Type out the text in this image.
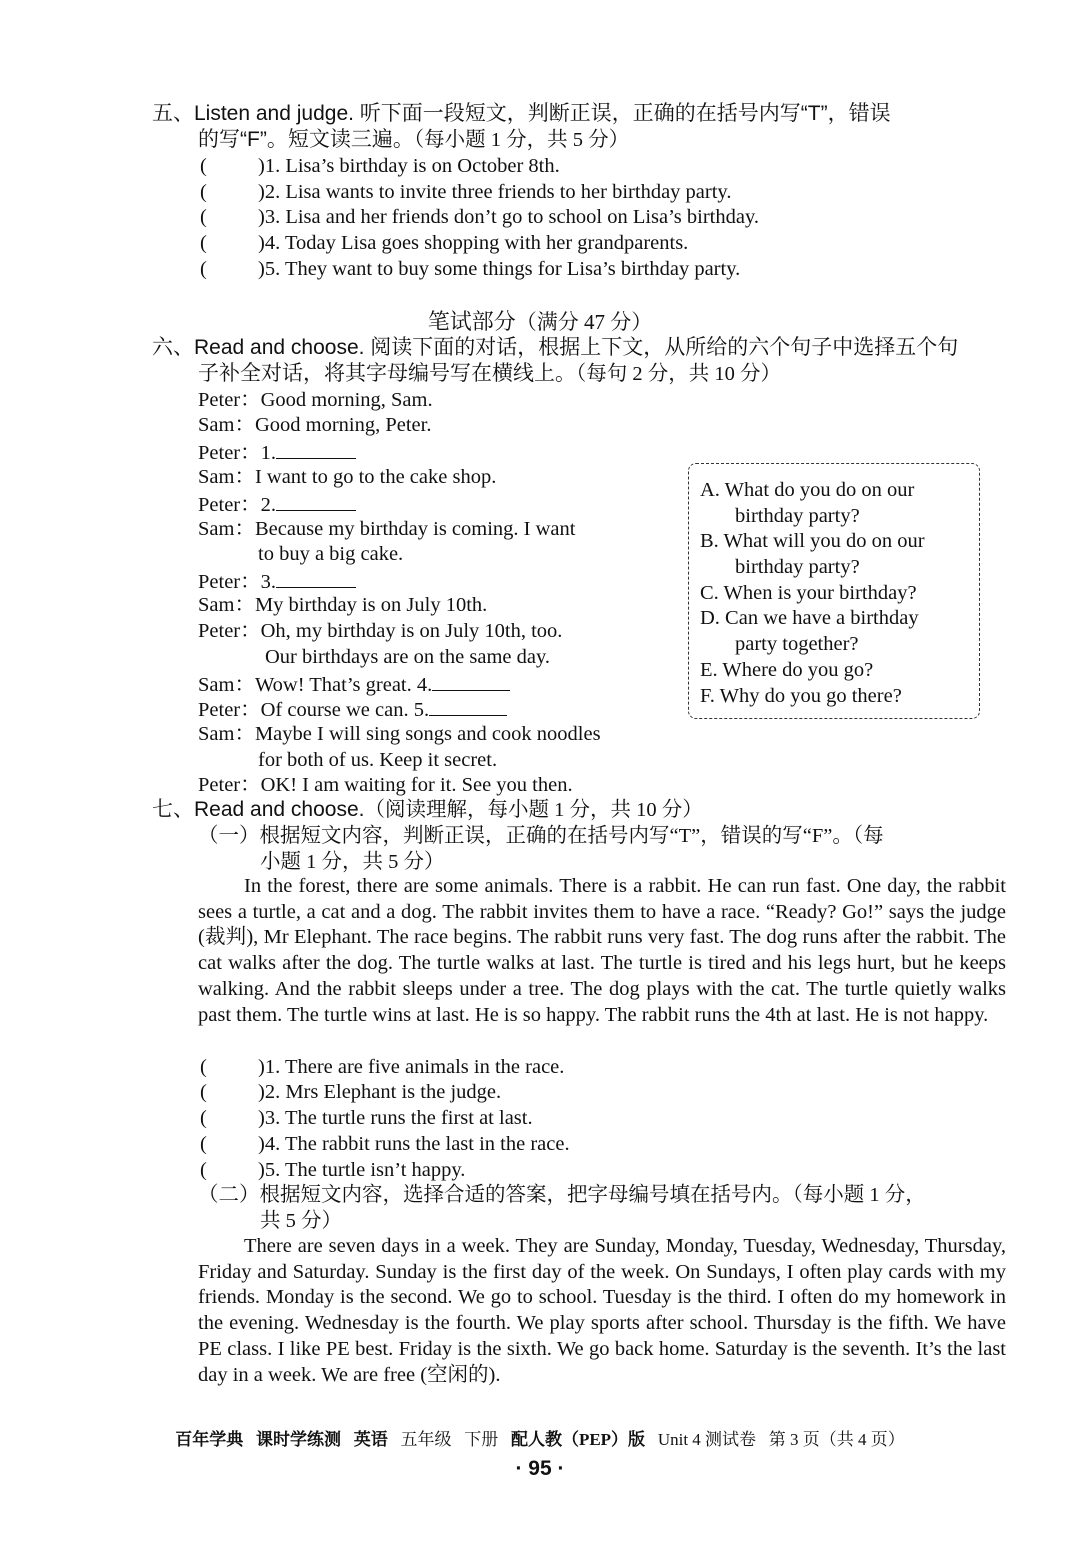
五、Listen and judge. 听下面一段短文，判断正误，正确的在括号内写“T”，错误
的写“F”。短文读三遍。（每小题 1 分，共 5 分）
( )1. Lisa’s birthday is on October 8th.
( )2. Lisa wants to invite three friends to her birthday party.
( )3. Lisa and her friends don’t go to school on Lisa’s birthday.
( )4. Today Lisa goes shopping with her grandparents.
( )5. They want to buy some things for Lisa’s birthday party.
笔试部分（满分 47 分）
六、Read and choose. 阅读下面的对话，根据上下文，从所给的六个句子中选择五个句
子补全对话，将其字母编号写在横线上。（每句 2 分，共 10 分）
Peter：Good morning, Sam.
Sam：Good morning, Peter.
Peter：1.
Sam：I want to go to the cake shop.
Peter：2.
Sam：Because my birthday is coming. I want
to buy a big cake.
Peter：3.
Sam：My birthday is on July 10th.
Peter：Oh, my birthday is on July 10th, too.
Our birthdays are on the same day.
Sam：Wow! That’s great. 4.
Peter：Of course we can. 5.
Sam：Maybe I will sing songs and cook noodles
for both of us. Keep it secret.
Peter：OK! I am waiting for it. See you then.
A. What do you do on our
birthday party?
B. What will you do on our
birthday party?
C. When is your birthday?
D. Can we have a birthday
party together?
E. Where do you go?
F. Why do you go there?
七、Read and choose.（阅读理解，每小题 1 分，共 10 分）
（一）根据短文内容，判断正误，正确的在括号内写“T”，错误的写“F”。（每
小题 1 分，共 5 分）
In the forest, there are some animals. There is a rabbit. He can run fast. One day, the rabbit sees a turtle, a cat and a dog. The rabbit invites them to have a race. “Ready? Go!” says the judge (裁判), Mr Elephant. The race begins. The rabbit runs very fast. The dog runs after the rabbit. The cat walks after the dog. The turtle walks at last. The turtle is tired and his legs hurt, but he keeps walking. And the rabbit sleeps under a tree. The dog plays with the cat. The turtle quietly walks past them. The turtle wins at last. He is so happy. The rabbit runs the 4th at last. He is not happy.
( )1. There are five animals in the race.
( )2. Mrs Elephant is the judge.
( )3. The turtle runs the first at last.
( )4. The rabbit runs the last in the race.
( )5. The turtle isn’t happy.
（二）根据短文内容，选择合适的答案，把字母编号填在括号内。（每小题 1 分，
共 5 分）
There are seven days in a week. They are Sunday, Monday, Tuesday, Wednesday, Thursday, Friday and Saturday. Sunday is the first day of the week. On Sundays, I often play cards with my friends. Monday is the second. We go to school. Tuesday is the third. I often do my homework in the evening. Wednesday is the fourth. We play sports after school. Thursday is the fifth. We have PE class. I like PE best. Friday is the sixth. We go back home. Saturday is the seventh. It’s the last day in a week. We are free (空闲的).
百年学典 课时学练测 英语 五年级 下册 配人教（PEP）版 Unit 4 测试卷 第 3 页（共 4 页）
· 95 ·
